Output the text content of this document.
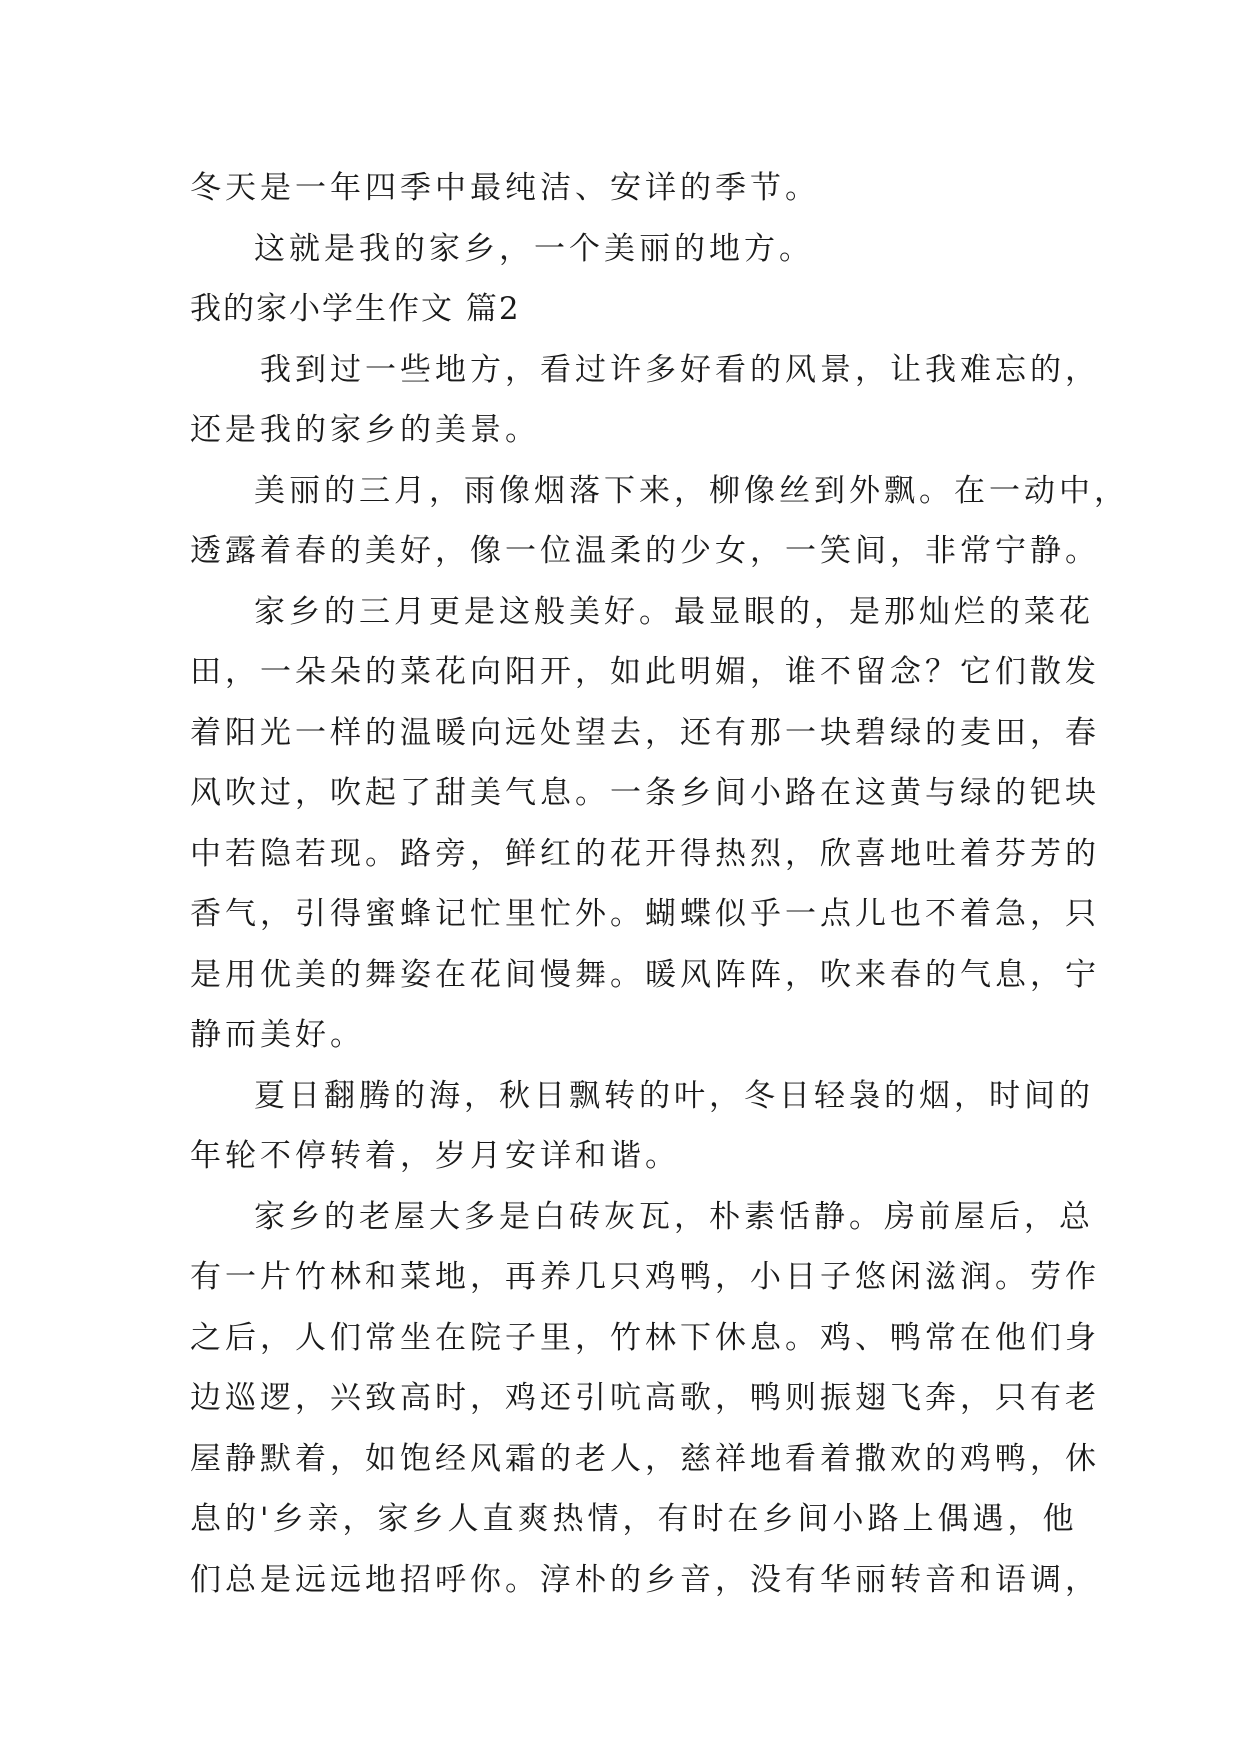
冬天是一年四季中最纯洁、安详的季节。
这就是我的家乡，一个美丽的地方。
我的家小学生作文 篇2
我到过一些地方，看过许多好看的风景，让我难忘的，
还是我的家乡的美景。
美丽的三月，雨像烟落下来，柳像丝到外飘。在一动中，
透露着春的美好，像一位温柔的少女，一笑间，非常宁静。
家乡的三月更是这般美好。最显眼的，是那灿烂的菜花
田，一朵朵的菜花向阳开，如此明媚，谁不留念？它们散发
着阳光一样的温暖向远处望去，还有那一块碧绿的麦田，春
风吹过，吹起了甜美气息。一条乡间小路在这黄与绿的钯块
中若隐若现。路旁，鲜红的花开得热烈，欣喜地吐着芬芳的
香气，引得蜜蜂记忙里忙外。蝴蝶似乎一点儿也不着急，只
是用优美的舞姿在花间慢舞。暖风阵阵，吹来春的气息，宁
静而美好。
夏日翻腾的海，秋日飘转的叶，冬日轻袅的烟，时间的
年轮不停转着，岁月安详和谐。
家乡的老屋大多是白砖灰瓦，朴素恬静。房前屋后，总
有一片竹林和菜地，再养几只鸡鸭，小日子悠闲滋润。劳作
之后，人们常坐在院子里，竹林下休息。鸡、鸭常在他们身
边巡逻，兴致高时，鸡还引吭高歌，鸭则振翅飞奔，只有老
屋静默着，如饱经风霜的老人，慈祥地看着撒欢的鸡鸭，休
息的'乡亲，家乡人直爽热情，有时在乡间小路上偶遇，他
们总是远远地招呼你。淳朴的乡音，没有华丽转音和语调，
